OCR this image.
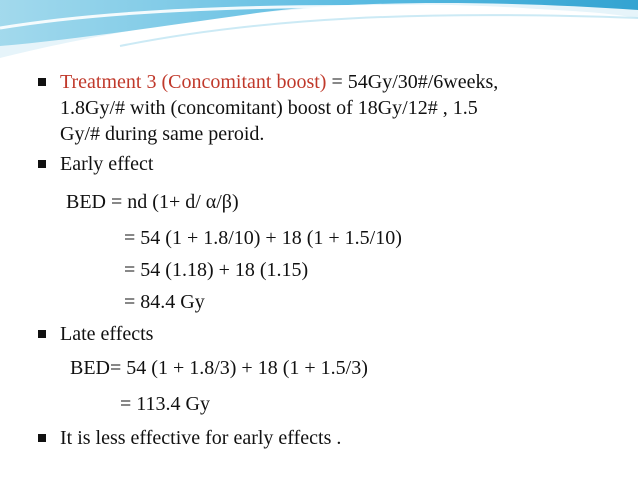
Treatment 3 (Concomitant boost) = 54Gy/30#/6weeks,
1.8Gy/# with (concomitant) boost of 18Gy/12# , 1.5
Gy/# during same peroid.
Early effect
BED = nd (1+ d/ α/β)
= 54 (1 + 1.8/10) + 18 (1 + 1.5/10)
= 54 (1.18) + 18 (1.15)
= 84.4 Gy
Late effects
BED= 54 (1 + 1.8/3) + 18 (1 + 1.5/3)
= 113.4 Gy
It is less effective for early effects .
